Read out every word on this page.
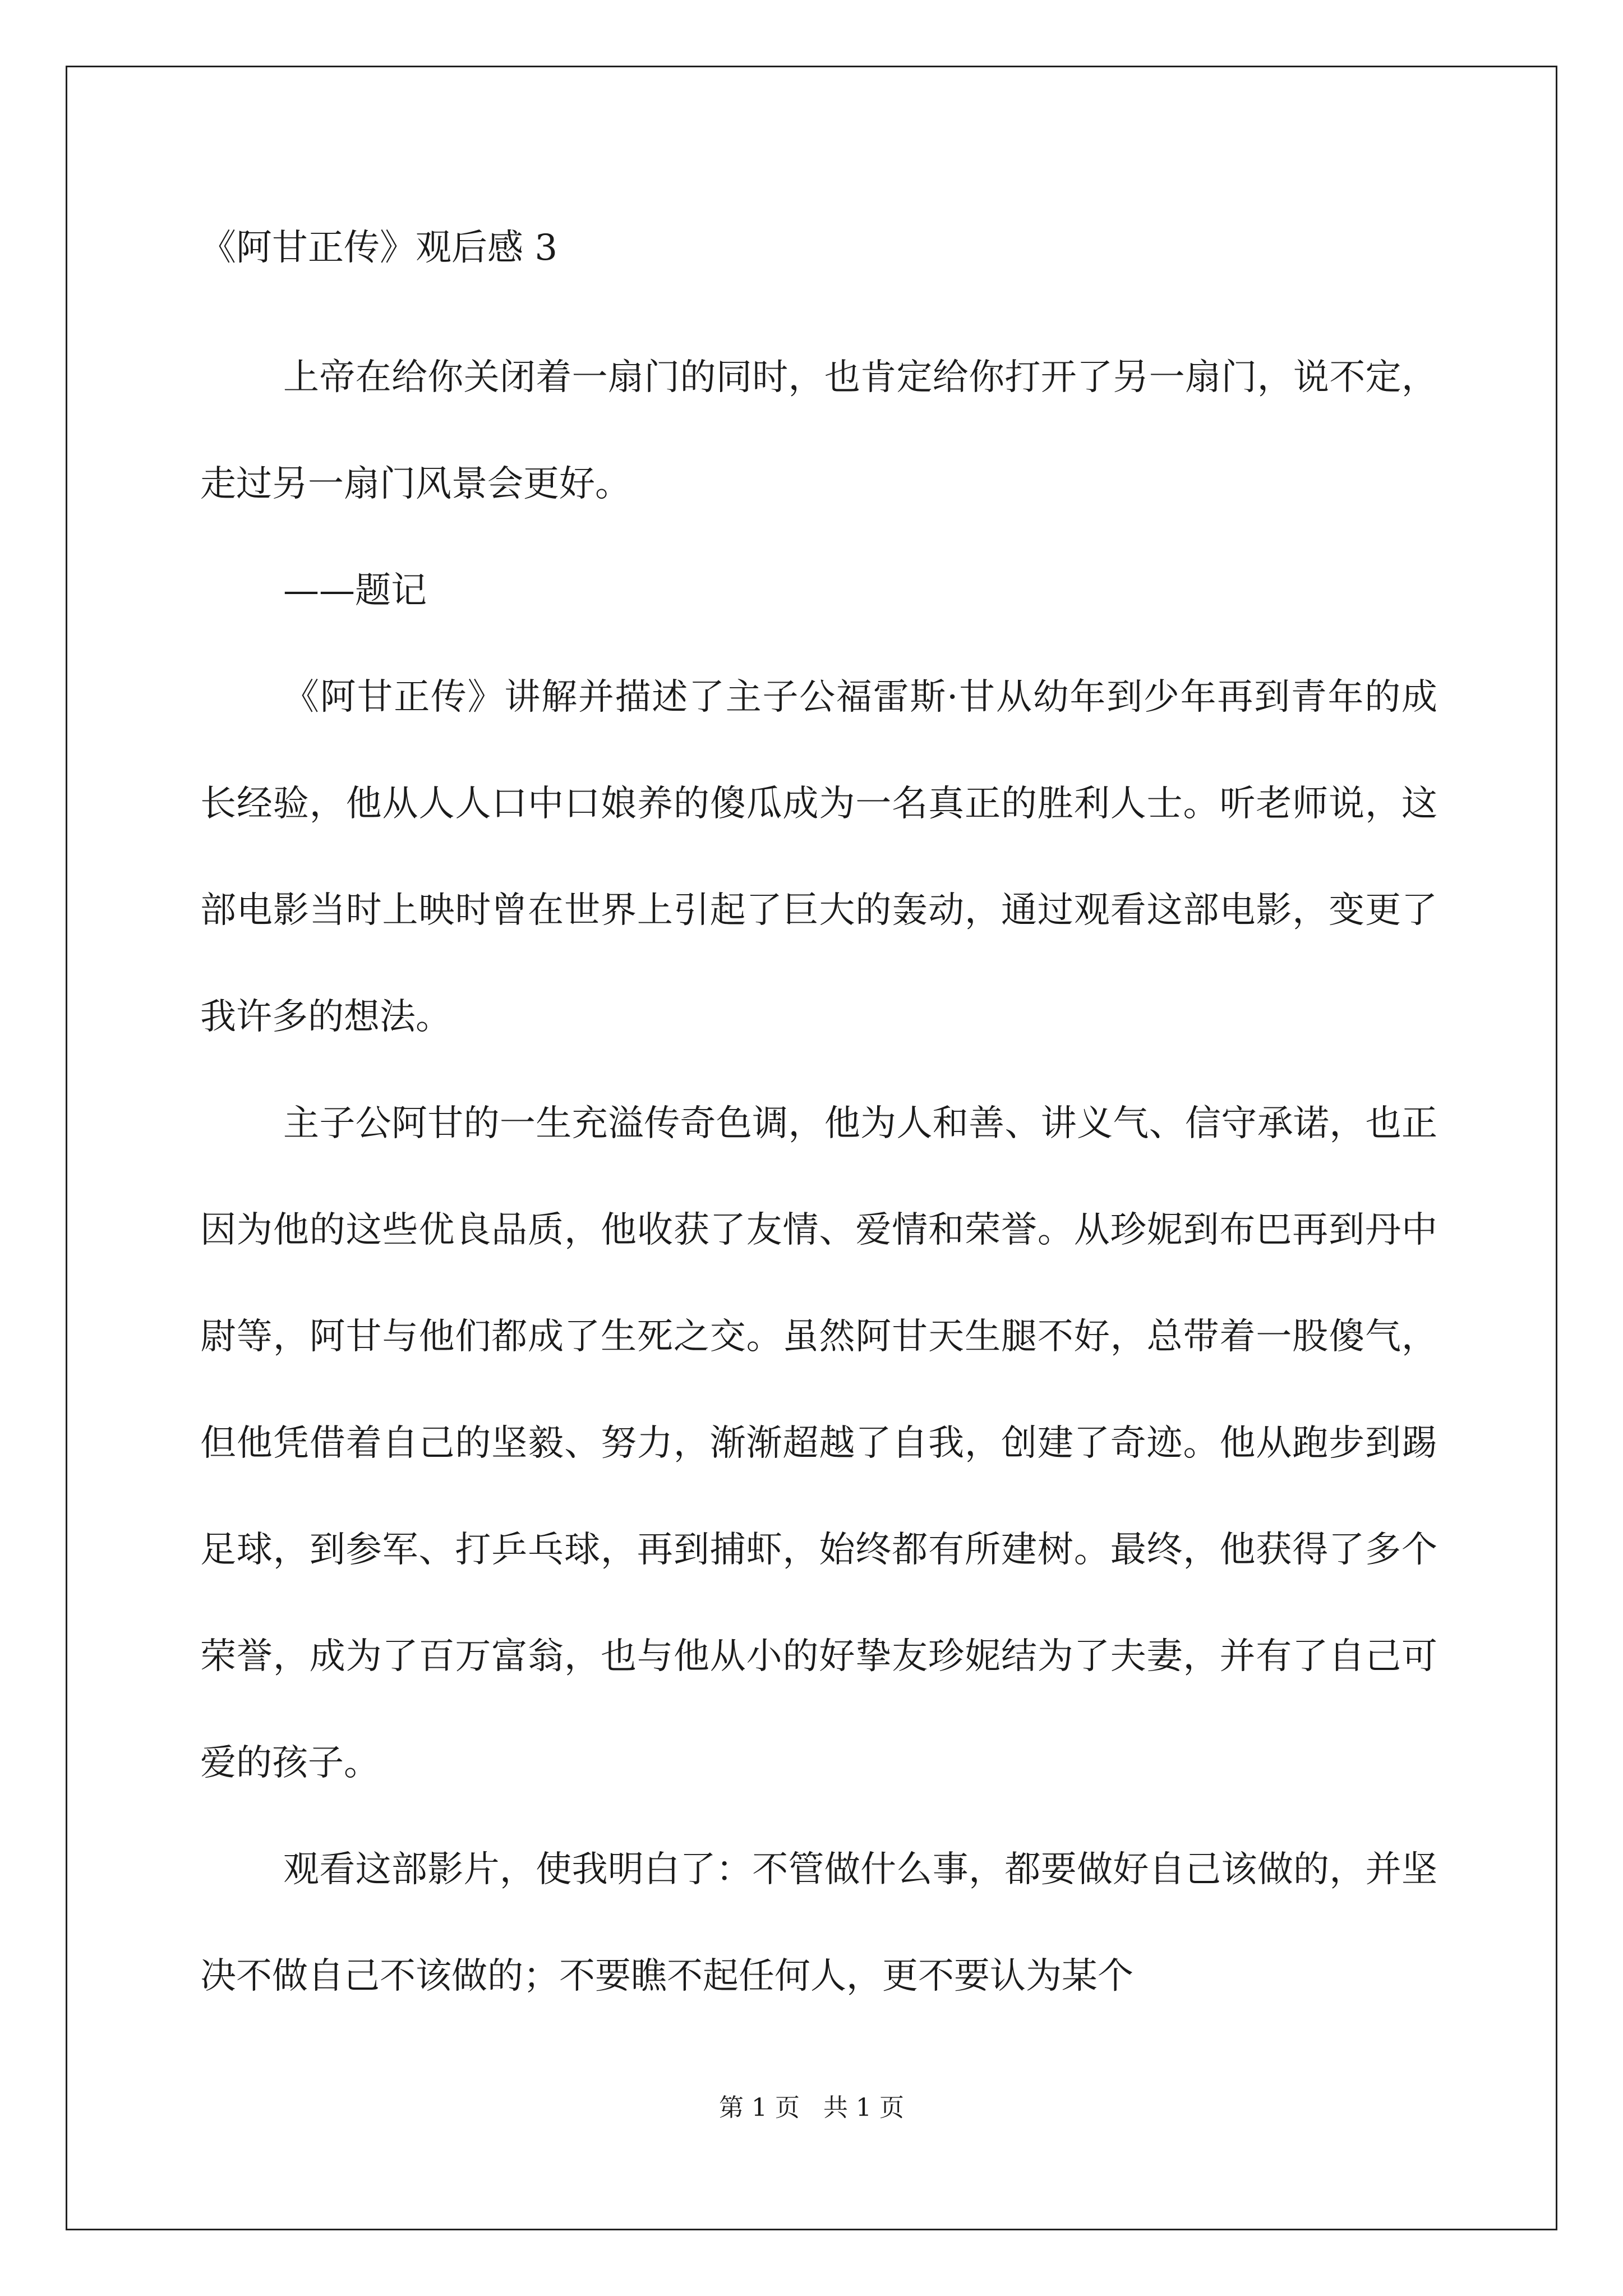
《阿甘正传》观后感 3

上帝在给你关闭着一扇门的同时，也肯定给你打开了另一扇门，说不定，走过另一扇门风景会更好。

——题记

《阿甘正传》讲解并描述了主子公福雷斯·甘从幼年到少年再到青年的成长经验，他从人人口中口娘养的傻瓜成为一名真正的胜利人士。听老师说，这部电影当时上映时曾在世界上引起了巨大的轰动，通过观看这部电影，变更了我许多的想法。

主子公阿甘的一生充溢传奇色调，他为人和善、讲义气、信守承诺，也正因为他的这些优良品质，他收获了友情、爱情和荣誉。从珍妮到布巴再到丹中尉等，阿甘与他们都成了生死之交。虽然阿甘天生腿不好，总带着一股傻气，但他凭借着自己的坚毅、努力，渐渐超越了自我，创建了奇迹。他从跑步到踢足球，到参军、打乒乓球，再到捕虾，始终都有所建树。最终，他获得了多个荣誉，成为了百万富翁，也与他从小的好挚友珍妮结为了夫妻，并有了自己可爱的孩子。

观看这部影片，使我明白了：不管做什么事，都要做好自己该做的，并坚决不做自己不该做的；不要瞧不起任何人，更不要认为某个

第 1 页   共 1 页
